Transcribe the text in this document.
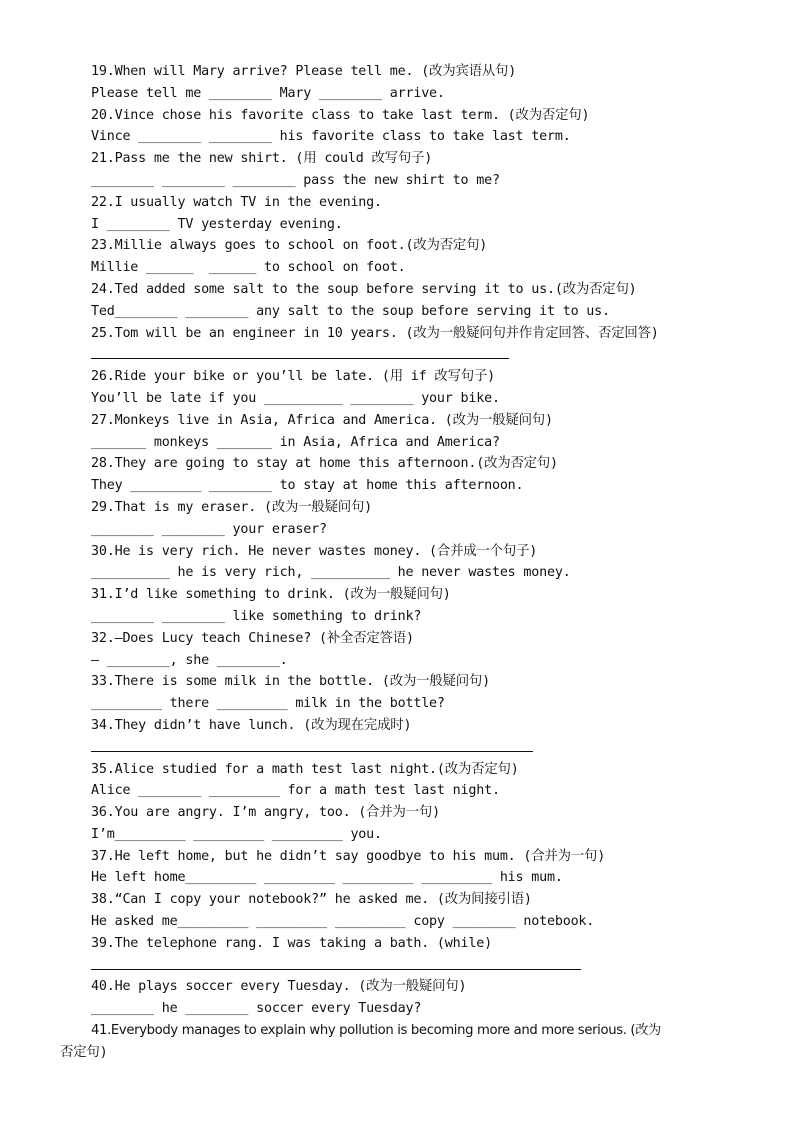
19.When will Mary arrive? Please tell me. (改为宾语从句)
Please tell me ________ Mary ________ arrive.
20.Vince chose his favorite class to take last term. (改为否定句)
Vince ________ ________ his favorite class to take last term.
21.Pass me the new shirt. (用 could 改写句子)
________ ________ ________ pass the new shirt to me?
22.I usually watch TV in the evening.
I ________ TV yesterday evening.
23.Millie always goes to school on foot.(改为否定句)
Millie ______  ______ to school on foot.
24.Ted added some salt to the soup before serving it to us.(改为否定句)
Ted________ ________ any salt to the soup before serving it to us.
25.Tom will be an engineer in 10 years. (改为一般疑问句并作肯定回答、否定回答)
26.Ride your bike or you’ll be late. (用 if 改写句子)
You’ll be late if you __________ ________ your bike.
27.Monkeys live in Asia, Africa and America. (改为一般疑问句)
_______ monkeys _______ in Asia, Africa and America?
28.They are going to stay at home this afternoon.(改为否定句)
They _________ ________ to stay at home this afternoon.
29.That is my eraser. (改为一般疑问句)
________ ________ your eraser?
30.He is very rich. He never wastes money. (合并成一个句子)
__________ he is very rich, __________ he never wastes money.
31.I’d like something to drink. (改为一般疑问句)
________ ________ like something to drink?
32.—Does Lucy teach Chinese? (补全否定答语)
— ________, she ________.
33.There is some milk in the bottle. (改为一般疑问句)
_________ there _________ milk in the bottle?
34.They didn’t have lunch. (改为现在完成时)
35.Alice studied for a math test last night.(改为否定句)
Alice ________ _________ for a math test last night.
36.You are angry. I’m angry, too. (合并为一句)
I’m_________ _________ _________ you.
37.He left home, but he didn’t say goodbye to his mum. (合并为一句)
He left home_________ _________ _________ _________ his mum.
38.“Can I copy your notebook?” he asked me. (改为间接引语)
He asked me_________ _________ _________ copy ________ notebook.
39.The telephone rang. I was taking a bath. (while)
40.He plays soccer every Tuesday. (改为一般疑问句)
________ he ________ soccer every Tuesday?
41.Everybody manages to explain why pollution is becoming more and more serious. (改为
否定句)
